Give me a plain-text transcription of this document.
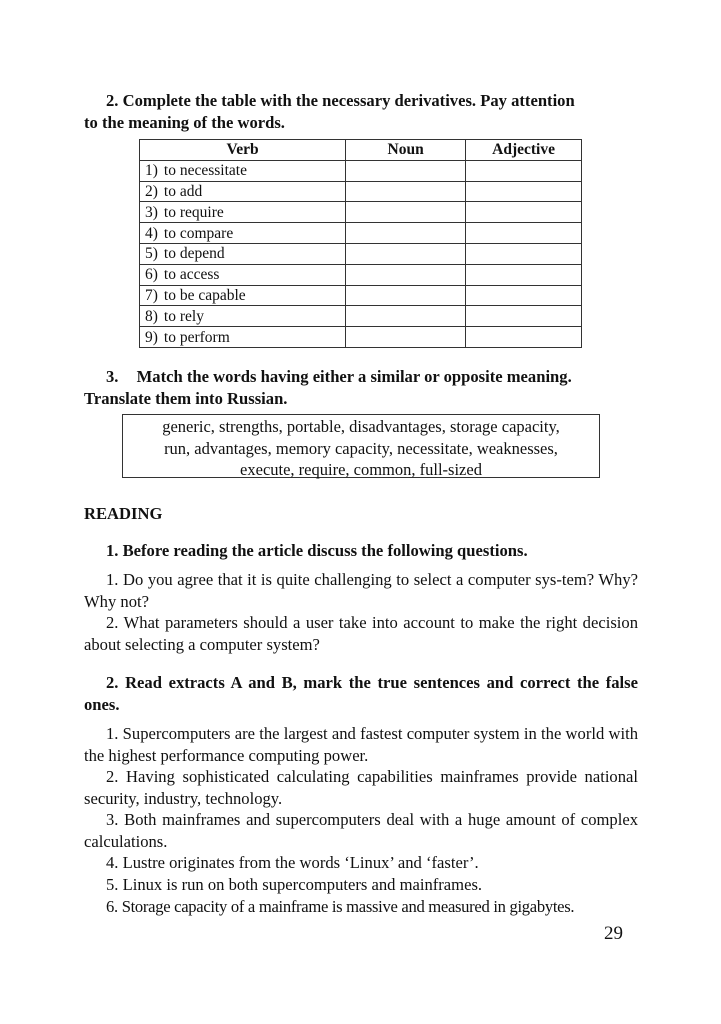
2. Complete the table with the necessary derivatives. Pay attention
to the meaning of the words.

Verb	Noun	Adjective
1) to necessitate		
2) to add		
3) to require		
4) to compare		
5) to depend		
6) to access		
7) to be capable		
8) to rely		
9) to perform		

3. Match the words having either a similar or opposite meaning.
Translate them into Russian.

generic, strengths, portable, disadvantages, storage capacity,
run, advantages, memory capacity, necessitate, weaknesses,
execute, require, common, full-sized

READING

1. Before reading the article discuss the following questions.

1. Do you agree that it is quite challenging to select a computer sys-tem? Why? Why not?

2. What parameters should a user take into account to make the right decision about selecting a computer system?

2. Read extracts A and B, mark the true sentences and correct the false ones.

1. Supercomputers are the largest and fastest computer system in the world with the highest performance computing power.

2. Having sophisticated calculating capabilities mainframes provide national security, industry, technology.

3. Both mainframes and supercomputers deal with a huge amount of complex calculations.

4. Lustre originates from the words ‘Linux’ and ‘faster’.

5. Linux is run on both supercomputers and mainframes.

6. Storage capacity of a mainframe is massive and measured in gigabytes.

29
